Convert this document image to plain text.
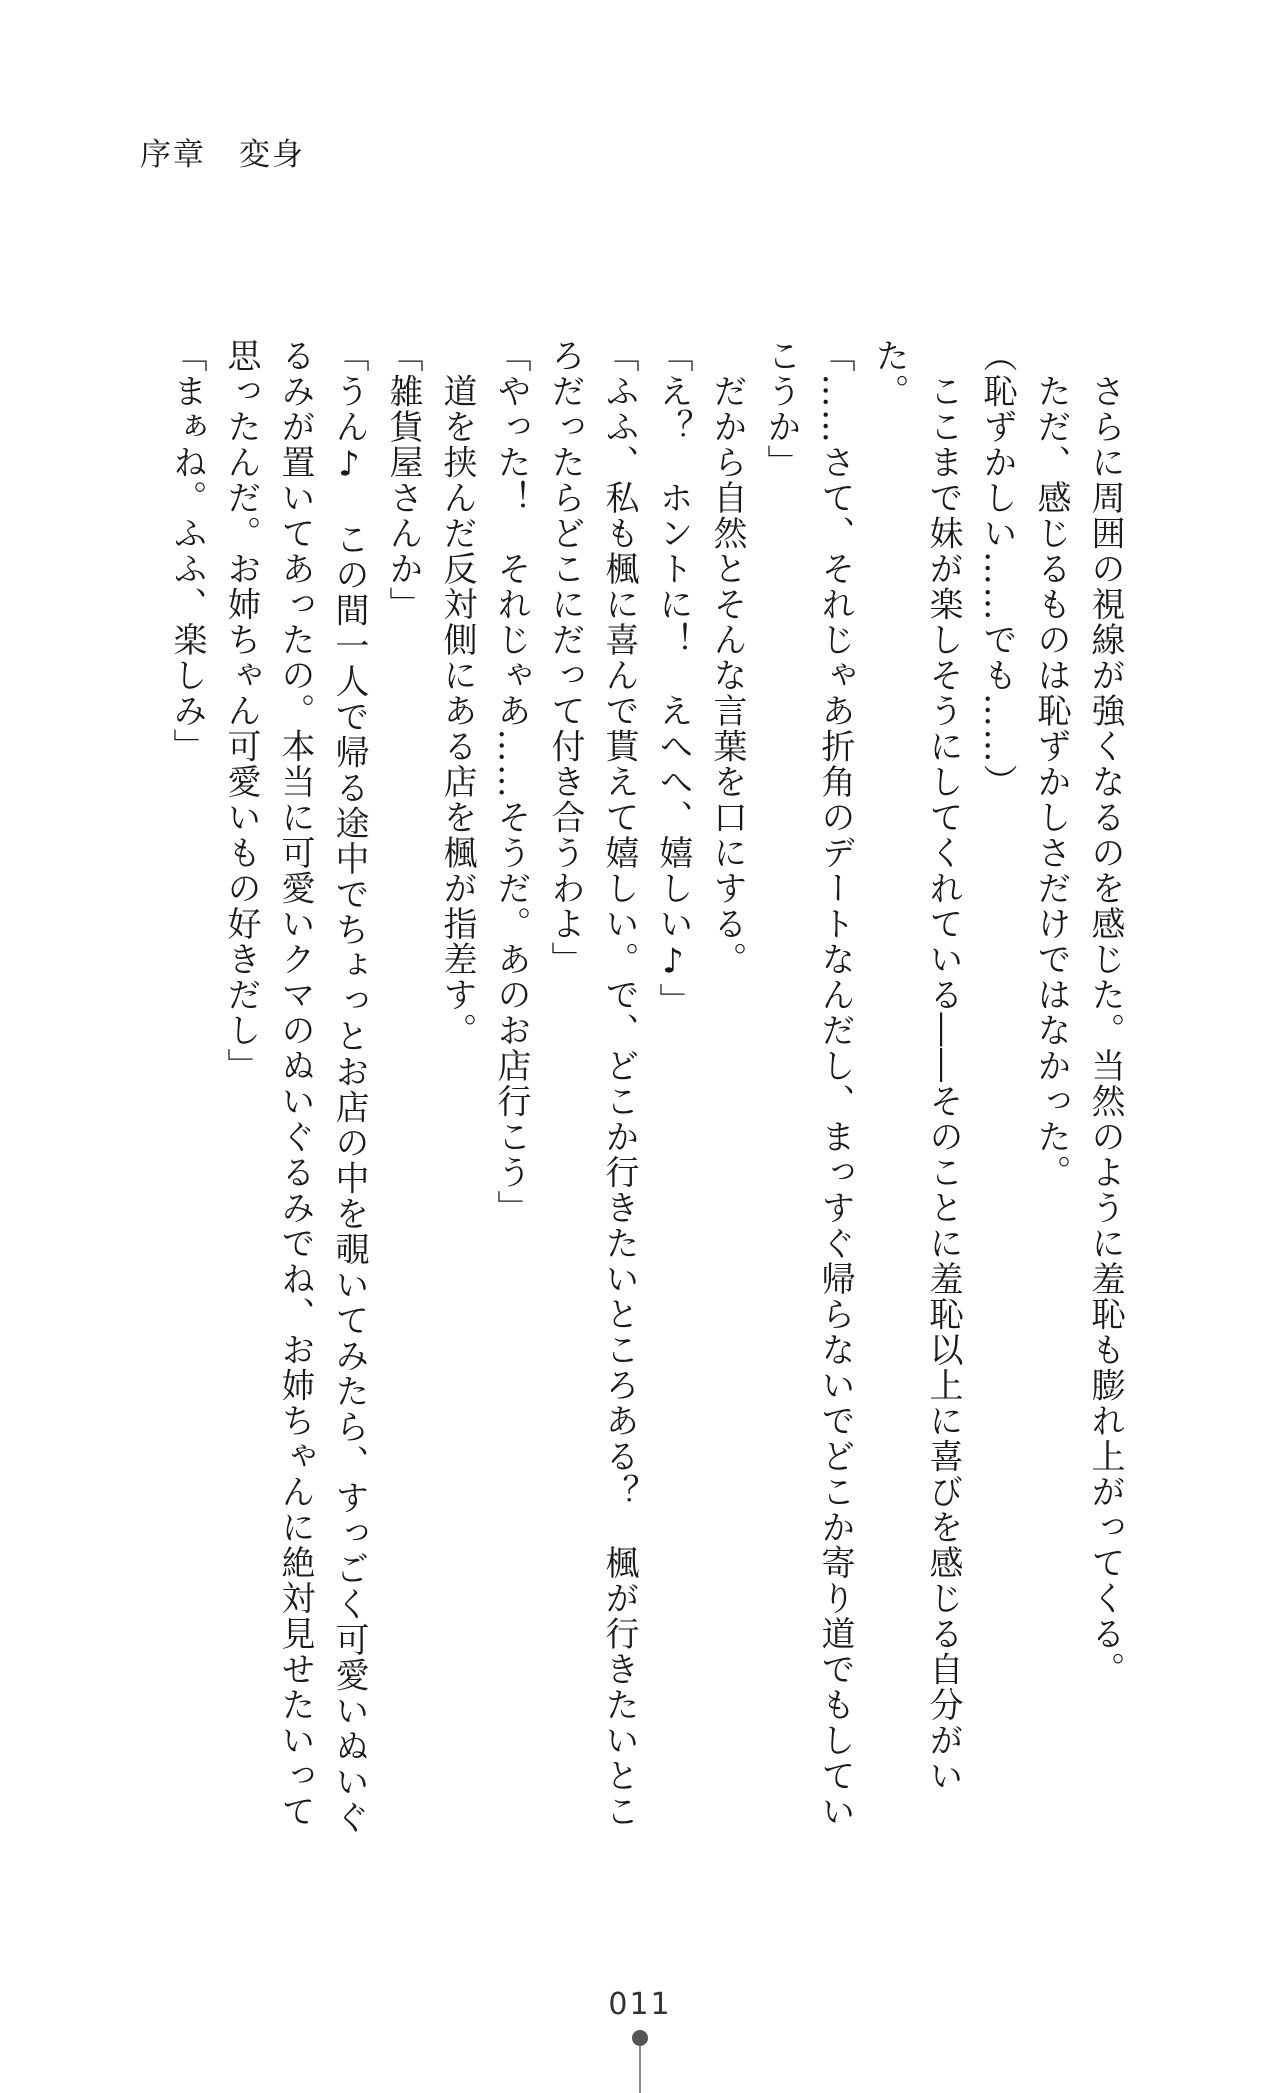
序章　変身

　さらに周囲の視線が強くなるのを感じた。当然のように羞恥も膨れ上がってくる。

　ただ、感じるものは恥ずかしさだけではなかった。

（恥ずかしい……でも……）

　ここまで妹が楽しそうにしてくれている――そのことに羞恥以上に喜びを感じる自分がいた。

「……さて、それじゃあ折角のデートなんだし、まっすぐ帰らないでどこか寄り道でもしていこうか」

　だから自然とそんな言葉を口にする。

「え？　ホントに！　えへへ、嬉しい♪」

「ふふ、私も楓に喜んで貰えて嬉しい。で、どこか行きたいところある？　楓が行きたいところだったらどこにだって付き合うわよ」

「やった！　それじゃあ……そうだ。あのお店行こう」

　道を挟んだ反対側にある店を楓が指差す。

「雑貨屋さんか」

「うん♪　この間一人で帰る途中でちょっとお店の中を覗いてみたら、すっごく可愛いぬいぐるみが置いてあったの。本当に可愛いクマのぬいぐるみでね、お姉ちゃんに絶対見せたいって思ったんだ。お姉ちゃん可愛いもの好きだし」

「まぁね。ふふ、楽しみ」

011
